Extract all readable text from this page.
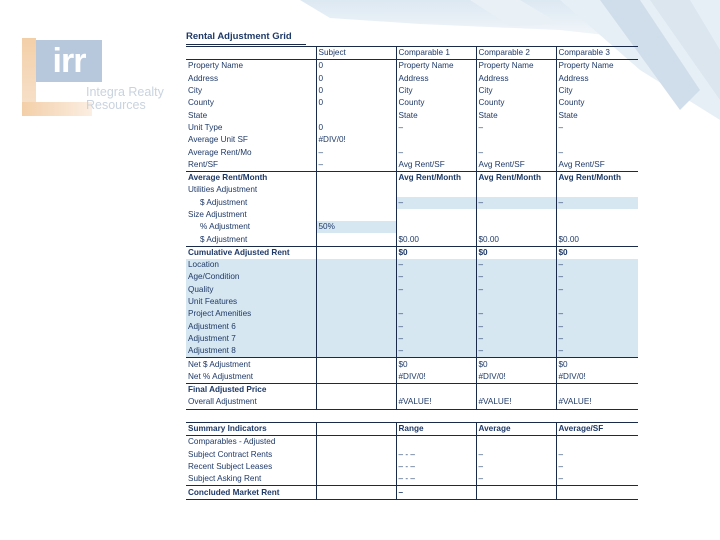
irr
Integra Realty
Resources
Rental Adjustment Grid
	Subject	Comparable 1	Comparable 2	Comparable 3
Property Name	0	Property Name	Property Name	Property Name
Address	0	Address	Address	Address
City	0	City	City	City
County	0	County	County	County
State		State	State	State
Unit Type	0	–	–	–
Average Unit SF	#DIV/0!			
Average Rent/Mo	–	–	–	–
Rent/SF	–	Avg Rent/SF	Avg Rent/SF	Avg Rent/SF
Average Rent/Month		Avg Rent/Month	Avg Rent/Month	Avg Rent/Month
Utilities Adjustment				
$ Adjustment		–	–	–
Size Adjustment				
% Adjustment	50%			
$ Adjustment		$0.00	$0.00	$0.00
Cumulative Adjusted Rent		$0	$0	$0
Location		–	–	–
Age/Condition		–	–	–
Quality		–	–	–
Unit Features				
Project Amenities		–	–	–
Adjustment 6		–	–	–
Adjustment 7		–	–	–
Adjustment 8		–	–	–
Net $ Adjustment		$0	$0	$0
Net % Adjustment		#DIV/0!	#DIV/0!	#DIV/0!
Final Adjusted Price				
Overall Adjustment		#VALUE!	#VALUE!	#VALUE!

Summary Indicators		Range	Average	Average/SF
Comparables - Adjusted				
Subject Contract Rents		– - –	–	–
Recent Subject Leases		– - –	–	–
Subject Asking Rent		– - –	–	–
Concluded Market Rent		–		
